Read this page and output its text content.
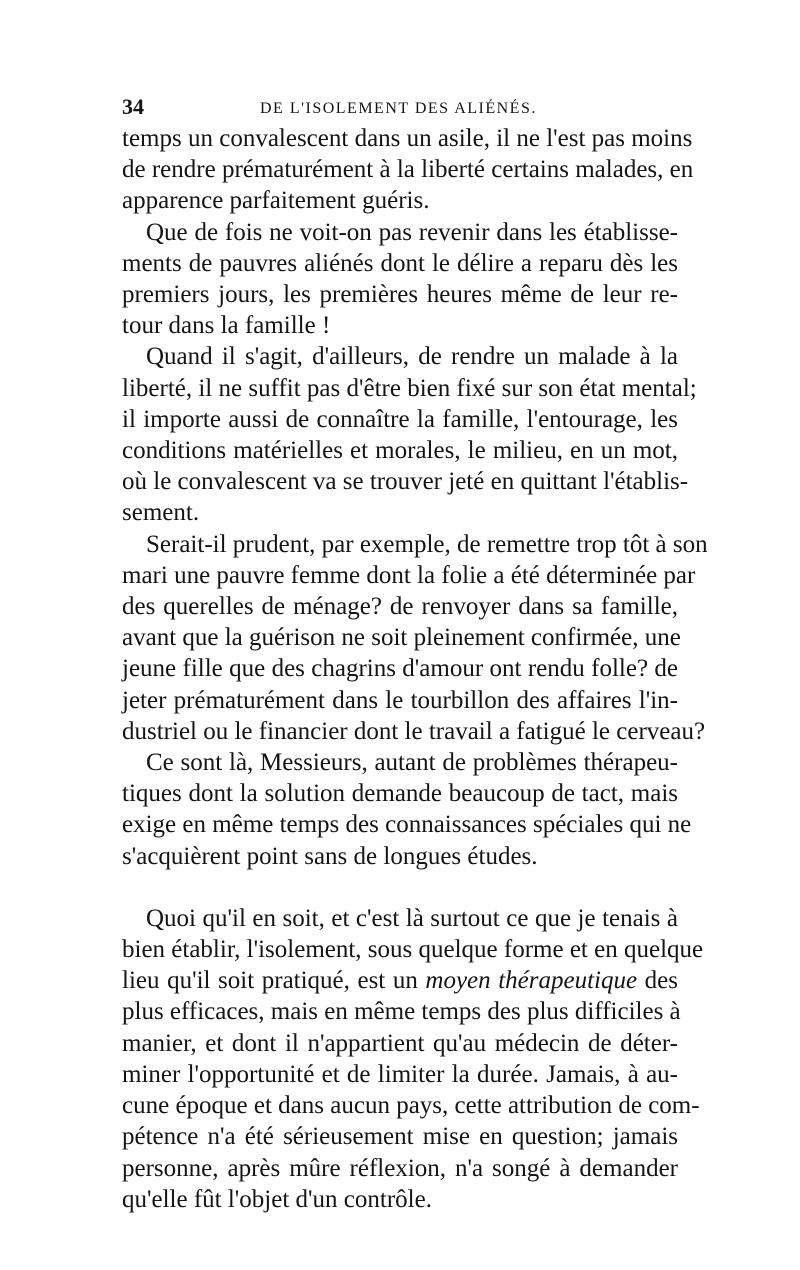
34	DE L'ISOLEMENT DES ALIÉNÉS.
temps un convalescent dans un asile, il ne l'est pas moins
de rendre prématurément à la liberté certains malades, en
apparence parfaitement guéris.
Que de fois ne voit-on pas revenir dans les établisse-
ments de pauvres aliénés dont le délire a reparu dès les
premiers jours, les premières heures même de leur re-
tour dans la famille !
Quand il s'agit, d'ailleurs, de rendre un malade à la
liberté, il ne suffit pas d'être bien fixé sur son état mental;
il importe aussi de connaître la famille, l'entourage, les
conditions matérielles et morales, le milieu, en un mot,
où le convalescent va se trouver jeté en quittant l'établis-
sement.
Serait-il prudent, par exemple, de remettre trop tôt à son
mari une pauvre femme dont la folie a été déterminée par
des querelles de ménage? de renvoyer dans sa famille,
avant que la guérison ne soit pleinement confirmée, une
jeune fille que des chagrins d'amour ont rendu folle? de
jeter prématurément dans le tourbillon des affaires l'in-
dustriel ou le financier dont le travail a fatigué le cerveau?
Ce sont là, Messieurs, autant de problèmes thérapeu-
tiques dont la solution demande beaucoup de tact, mais
exige en même temps des connaissances spéciales qui ne
s'acquièrent point sans de longues études.
Quoi qu'il en soit, et c'est là surtout ce que je tenais à
bien établir, l'isolement, sous quelque forme et en quelque
lieu qu'il soit pratiqué, est un moyen thérapeutique des
plus efficaces, mais en même temps des plus difficiles à
manier, et dont il n'appartient qu'au médecin de déter-
miner l'opportunité et de limiter la durée. Jamais, à au-
cune époque et dans aucun pays, cette attribution de com-
pétence n'a été sérieusement mise en question; jamais
personne, après mûre réflexion, n'a songé à demander
qu'elle fût l'objet d'un contrôle.
